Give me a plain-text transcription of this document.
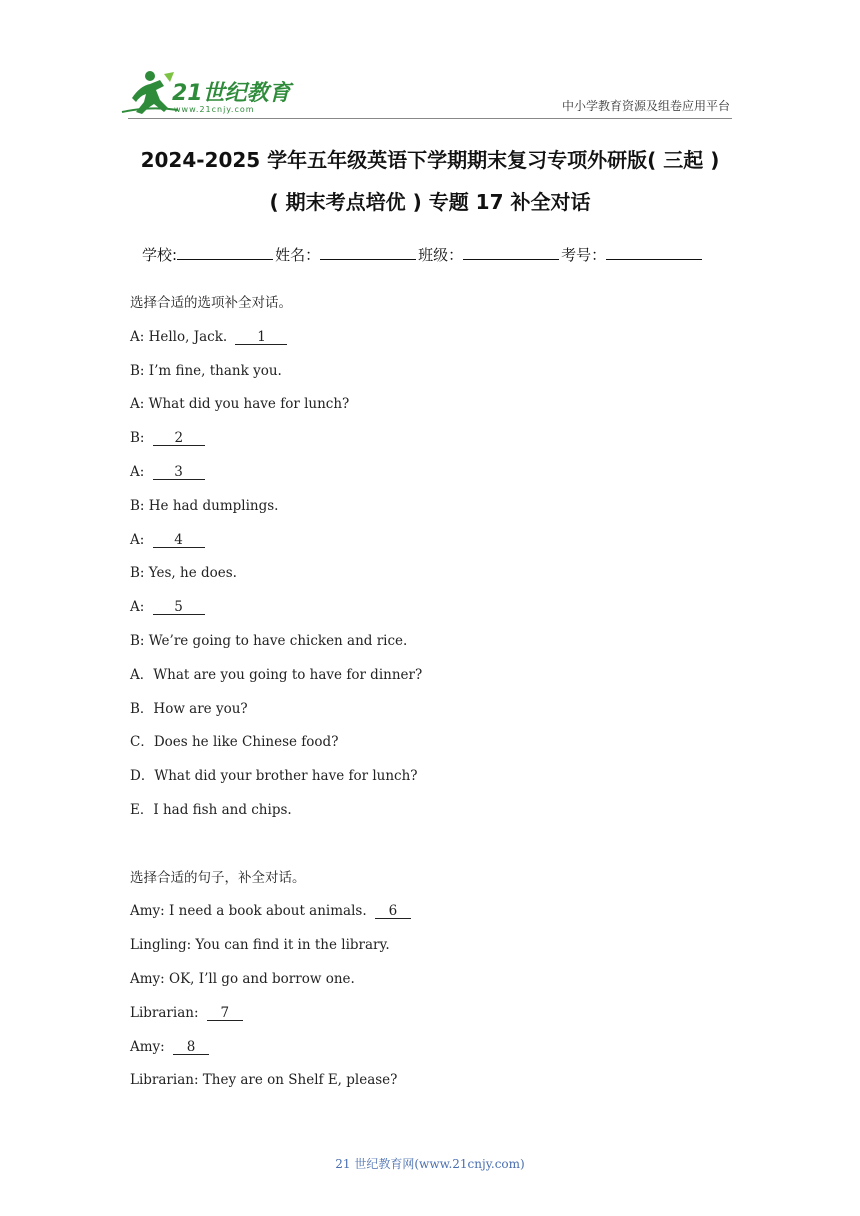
21世纪教育
www.21cnjy.com	中小学教育资源及组卷应用平台
2024-2025 学年五年级英语下学期期末复习专项外研版( 三起 )
( 期末考点培优 ) 专题 17 补全对话
学校:	姓名：	班级：	考号：
选择合适的选项补全对话。
A: Hello, Jack. 1
B: I’m fine, thank you.
A: What did you have for lunch?
B: 2
A: 3
B: He had dumplings.
A: 4
B: Yes, he does.
A: 5
B: We’re going to have chicken and rice.
A．What are you going to have for dinner?
B．How are you?
C．Does he like Chinese food?
D．What did your brother have for lunch?
E．I had fish and chips.
选择合适的句子，补全对话。
Amy: I need a book about animals. 6
Lingling: You can find it in the library.
Amy: OK, I’ll go and borrow one.
Librarian: 7
Amy: 8
Librarian: They are on Shelf E, please?
21 世纪教育网(www.21cnjy.com)
